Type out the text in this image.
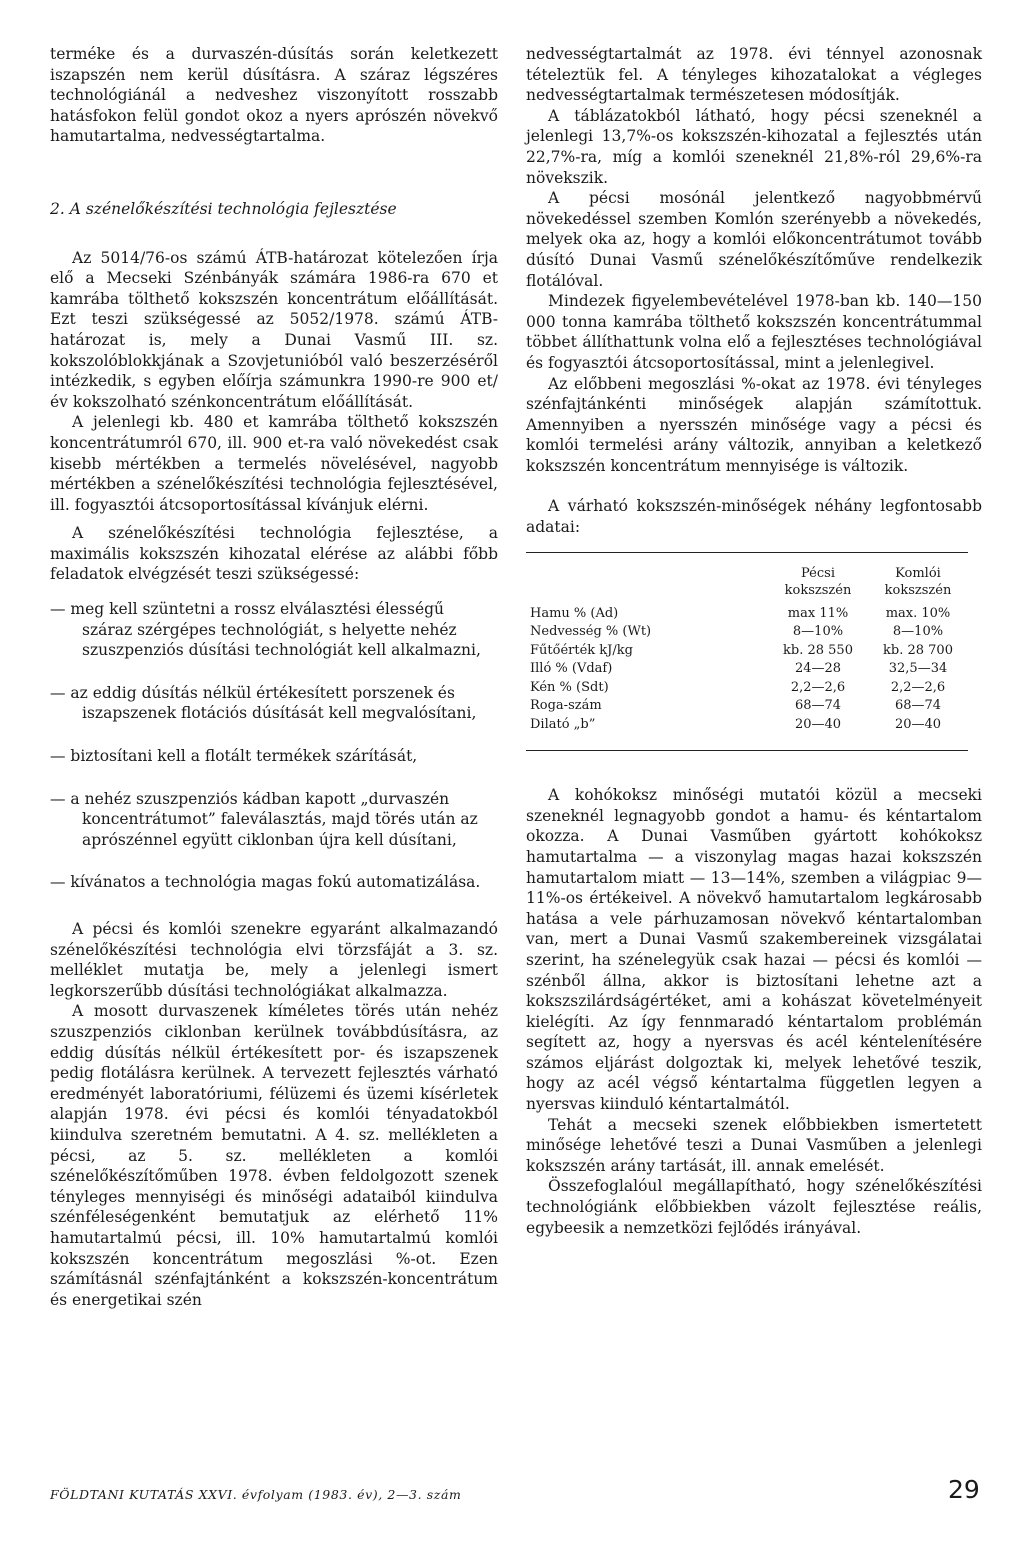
terméke és a durvaszén-dúsítás során keletkezett iszapszén nem kerül dúsításra. A száraz légszéres technológiánál a nedveshez viszonyított rosszabb hatásfokon felül gondot okoz a nyers aprószén növekvő hamutartalma, nedvességtartalma.

2. A szénelőkészítési technológia fejlesztése

Az 5014/76-os számú ÁTB-határozat kötelezően írja elő a Mecseki Szénbányák számára 1986-ra 670 et kamrába tölthető kokszszén koncentrátum előállítását. Ezt teszi szükségessé az 5052/1978. számú ÁTB-határozat is, mely a Dunai Vasmű III. sz. kokszolóblokkjának a Szovjetunióból való beszerzéséről intézkedik, s egyben előírja számunkra 1990-re 900 et/év kokszolható szénkoncentrátum előállítását.

A jelenlegi kb. 480 et kamrába tölthető kokszszén koncentrátumról 670, ill. 900 et-ra való növekedést csak kisebb mértékben a termelés növelésével, nagyobb mértékben a szénelőkészítési technológia fejlesztésével, ill. fogyasztói átcsoportosítással kívánjuk elérni.

A szénelőkészítési technológia fejlesztése, a maximális kokszszén kihozatal elérése az alábbi főbb feladatok elvégzését teszi szükségessé:

— meg kell szüntetni a rossz elválasztési élességű száraz szérgépes technológiát, s helyette nehéz szuszpenziós dúsítási technológiát kell alkalmazni,

— az eddig dúsítás nélkül értékesített porszenek és iszapszenek flotációs dúsítását kell megvalósítani,

— biztosítani kell a flotált termékek szárítását,

— a nehéz szuszpenziós kádban kapott „durvaszén koncentrátumot” faleválasztás, majd törés után az aprószénnel együtt ciklonban újra kell dúsítani,

— kívánatos a technológia magas fokú automatizálása.

A pécsi és komlói szenekre egyaránt alkalmazandó szénelőkészítési technológia elvi törzsfáját a 3. sz. melléklet mutatja be, mely a jelenlegi ismert legkorszerűbb dúsítási technológiákat alkalmazza.

A mosott durvaszenek kíméletes törés után nehéz szuszpenziós ciklonban kerülnek továbbdúsításra, az eddig dúsítás nélkül értékesített por- és iszapszenek pedig flotálásra kerülnek. A tervezett fejlesztés várható eredményét laboratóriumi, félüzemi és üzemi kísérletek alapján 1978. évi pécsi és komlói tényadatokból kiindulva szeretném bemutatni. A 4. sz. mellékleten a pécsi, az 5. sz. mellékleten a komlói szénelőkészítőműben 1978. évben feldolgozott szenek tényleges mennyiségi és minőségi adataiból kiindulva szénféleségenként bemutatjuk az elérhető 11% hamutartalmú pécsi, ill. 10% hamutartalmú komlói kokszszén koncentrátum megoszlási %-ot. Ezen számításnál szénfajtánként a kokszszén-koncentrátum és energetikai szén

nedvességtartalmát az 1978. évi ténnyel azonosnak tételeztük fel. A tényleges kihozatalokat a végleges nedvességtartalmak természetesen módosítják.

A táblázatokból látható, hogy pécsi szeneknél a jelenlegi 13,7%-os kokszszén-kihozatal a fejlesztés után 22,7%-ra, míg a komlói szeneknél 21,8%-ról 29,6%-ra növekszik.

A pécsi mosónál jelentkező nagyobbmérvű növekedéssel szemben Komlón szerényebb a növekedés, melyek oka az, hogy a komlói előkoncentrátumot tovább dúsító Dunai Vasmű szénelőkészítőműve rendelkezik flotálóval.

Mindezek figyelembevételével 1978-ban kb. 140—150 000 tonna kamrába tölthető kokszszén koncentrátummal többet állíthattunk volna elő a fejlesztéses technológiával és fogyasztói átcsoportosítással, mint a jelenlegivel.

Az előbbeni megoszlási %-okat az 1978. évi tényleges szénfajtánkénti minőségek alapján számítottuk. Amennyiben a nyersszén minősége vagy a pécsi és komlói termelési arány változik, annyiban a keletkező kokszszén koncentrátum mennyisége is változik.

A várható kokszszén-minőségek néhány legfontosabb adatai:

	Pécsi kokszszén	Komlói kokszszén
Hamu % (Ad)	max 11%	max. 10%
Nedvesség % (Wt)	8—10%	8—10%
Fűtőérték kJ/kg	kb. 28 550	kb. 28 700
Illó % (Vdaf)	24—28	32,5—34
Kén % (Sdt)	2,2—2,6	2,2—2,6
Roga-szám	68—74	68—74
Dilató „b”	20—40	20—40

A kohókoksz minőségi mutatói közül a mecseki szeneknél legnagyobb gondot a hamu- és kéntartalom okozza. A Dunai Vasműben gyártott kohókoksz hamutartalma — a viszonylag magas hazai kokszszén hamutartalom miatt — 13—14%, szemben a világpiac 9—11%-os értékeivel. A növekvő hamutartalom legkárosabb hatása a vele párhuzamosan növekvő kéntartalomban van, mert a Dunai Vasmű szakembereinek vizsgálatai szerint, ha szénelegyük csak hazai — pécsi és komlói — szénből állna, akkor is biztosítani lehetne azt a kokszszilárdságértéket, ami a kohászat követelményeit kielégíti. Az így fennmaradó kéntartalom problémán segített az, hogy a nyersvas és acél kéntelenítésére számos eljárást dolgoztak ki, melyek lehetővé teszik, hogy az acél végső kéntartalma független legyen a nyersvas kiinduló kéntartalmától.

Tehát a mecseki szenek előbbiekben ismertetett minősége lehetővé teszi a Dunai Vasműben a jelenlegi kokszszén arány tartását, ill. annak emelését.

Összefoglalóul megállapítható, hogy szénelőkészítési technológiánk előbbiekben vázolt fejlesztése reális, egybeesik a nemzetközi fejlődés irányával.

FÖLDTANI KUTATÁS XXVI. évfolyam (1983. év), 2—3. szám	29
